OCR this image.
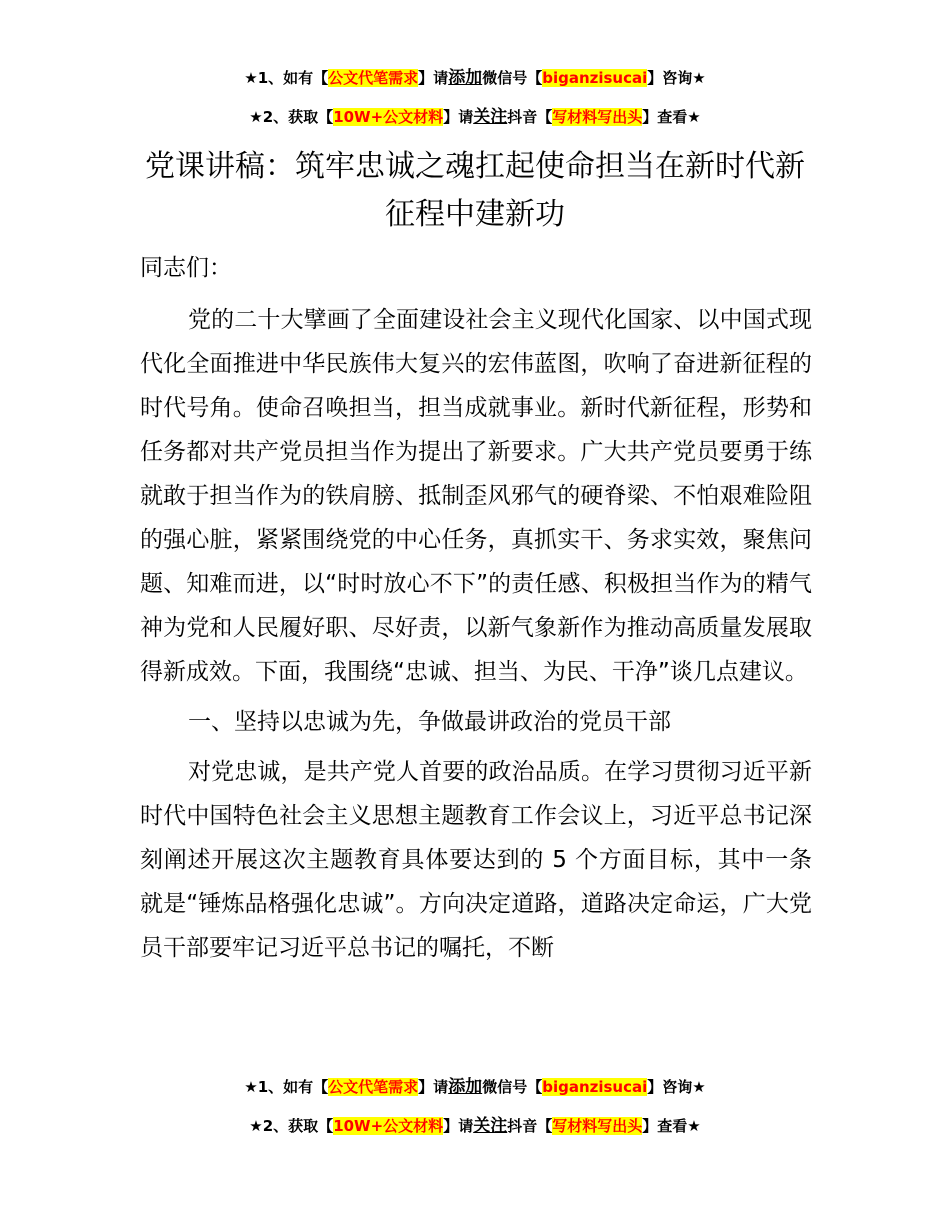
★1、如有【公文代笔需求】请添加微信号【biganzisucai】咨询★
★2、获取【10W+公文材料】请关注抖音【写材料写出头】查看★
党课讲稿：筑牢忠诚之魂扛起使命担当在新时代新征程中建新功

同志们：

党的二十大擘画了全面建设社会主义现代化国家、以中国式现代化全面推进中华民族伟大复兴的宏伟蓝图，吹响了奋进新征程的时代号角。使命召唤担当，担当成就事业。新时代新征程，形势和任务都对共产党员担当作为提出了新要求。广大共产党员要勇于练就敢于担当作为的铁肩膀、抵制歪风邪气的硬脊梁、不怕艰难险阻的强心脏，紧紧围绕党的中心任务，真抓实干、务求实效，聚焦问题、知难而进，以“时时放心不下”的责任感、积极担当作为的精气神为党和人民履好职、尽好责，以新气象新作为推动高质量发展取得新成效。下面，我围绕“忠诚、担当、为民、干净”谈几点建议。

一、坚持以忠诚为先，争做最讲政治的党员干部

对党忠诚，是共产党人首要的政治品质。在学习贯彻习近平新时代中国特色社会主义思想主题教育工作会议上，习近平总书记深刻阐述开展这次主题教育具体要达到的 5 个方面目标，其中一条就是“锤炼品格强化忠诚”。方向决定道路，道路决定命运，广大党员干部要牢记习近平总书记的嘱托，不断

★1、如有【公文代笔需求】请添加微信号【biganzisucai】咨询★
★2、获取【10W+公文材料】请关注抖音【写材料写出头】查看★
